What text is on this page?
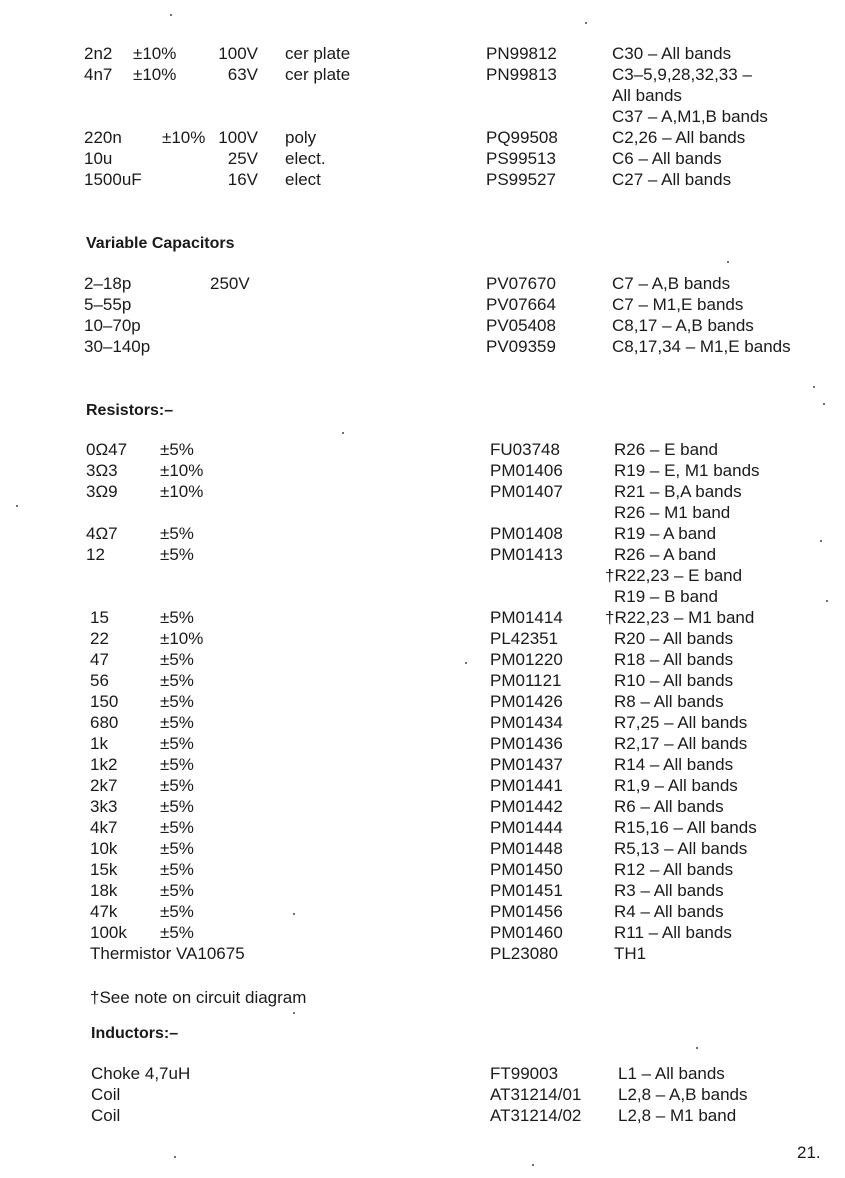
2n2 ±10%	100V cer plate	PN99812	C30 – All bands
4n7 ±10%	63V cer plate	PN99813	C3–5,9,28,32,33 –
All bands
C37 – A,M1,B bands
220n ±10% 100V poly	PQ99508	C2,26 – All bands
10u	25V elect.	PS99513	C6 – All bands
1500uF	16V elect	PS99527	C27 – All bands
Variable Capacitors
2–18p	250V	PV07670	C7 – A,B bands
5–55p	PV07664	C7 – M1,E bands
10–70p	PV05408	C8,17 – A,B bands
30–140p	PV09359	C8,17,34 – M1,E bands
Resistors:–
0Ω47 ±5%	FU03748	R26 – E band
3Ω3 ±10%	PM01406	R19 – E, M1 bands
3Ω9 ±10%	PM01407	R21 – B,A bands
R26 – M1 band
4Ω7 ±5%	PM01408	R19 – A band
12	±5%	PM01413	R26 – A band
†R22,23 – E band
R19 – B band
15	±5%	PM01414 †R22,23 – M1 band
22	±10%	PL42351	R20 – All bands
47	±5%	PM01220	R18 – All bands
56	±5%	PM01121	R10 – All bands
150 ±5%	PM01426	R8 – All bands
680 ±5%	PM01434	R7,25 – All bands
1k	±5%	PM01436	R2,17 – All bands
1k2	±5%	PM01437	R14 – All bands
2k7	±5%	PM01441	R1,9 – All bands
3k3	±5%	PM01442	R6 – All bands
4k7	±5%	PM01444	R15,16 – All bands
10k	±5%	PM01448	R5,13 – All bands
15k	±5%	PM01450	R12 – All bands
18k	±5%	PM01451	R3 – All bands
47k	±5%	PM01456	R4 – All bands
100k ±5%	PM01460	R11 – All bands
Thermistor VA10675	PL23080	TH1
†See note on circuit diagram
Inductors:–
Choke 4,7uH	FT99003	L1 – All bands
Coil	AT31214/01 L2,8 – A,B bands
Coil	AT31214/02 L2,8 – M1 band
21.
